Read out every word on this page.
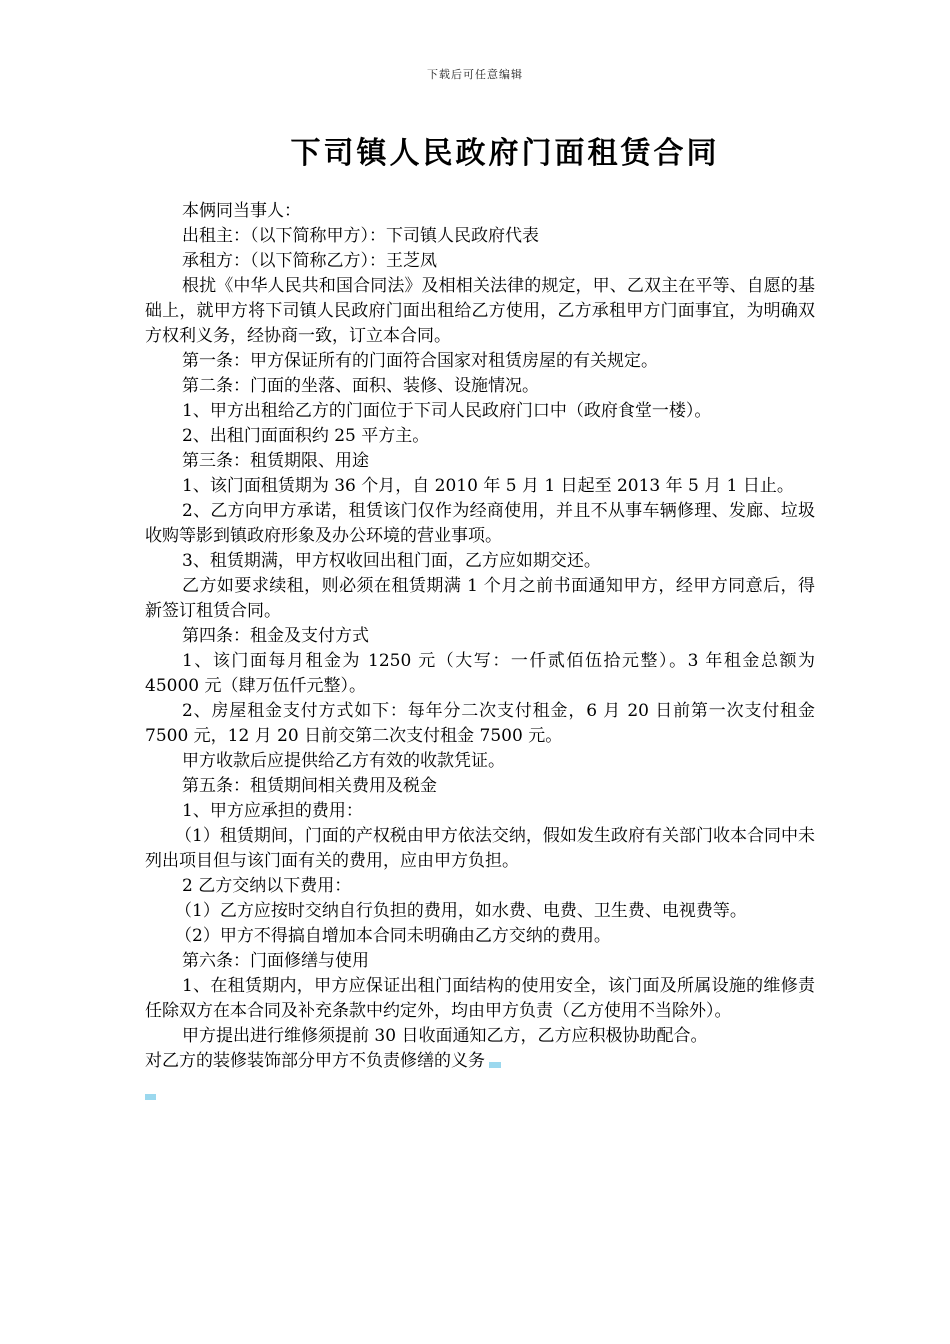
下载后可任意编辑
下司镇人民政府门面租赁合同

本俩同当事人：

出租主：（以下简称甲方）：下司镇人民政府代表

承租方：（以下简称乙方）：王芝凤

根扰《中华人民共和国合同法》及相相关法律的规定，甲、乙双主在平等、自愿的基础上，就甲方将下司镇人民政府门面出租给乙方使用，乙方承租甲方门面事宜，为明确双方权利义务，经协商一致，订立本合同。

第一条：甲方保证所有的门面符合国家对租赁房屋的有关规定。

第二条：门面的坐落、面积、装修、设施情况。

1、甲方出租给乙方的门面位于下司人民政府门口中（政府食堂一楼）。

2、出租门面面积约 25 平方主。

第三条：租赁期限、用途

1、该门面租赁期为 36 个月，自 2010 年 5 月 1 日起至 2013 年 5 月 1 日止。

2、乙方向甲方承诺，租赁该门仅作为经商使用，并且不从事车辆修理、发廊、垃圾收购等影到镇政府形象及办公环境的营业事项。

3、租赁期满，甲方权收回出租门面，乙方应如期交还。

乙方如要求续租，则必须在租赁期满 1 个月之前书面通知甲方，经甲方同意后，得新签订租赁合同。

第四条：租金及支付方式

1、该门面每月租金为 1250 元（大写：一仟贰佰伍拾元整）。3 年租金总额为 45000 元（肆万伍仟元整）。

2、房屋租金支付方式如下：每年分二次支付租金，6 月 20 日前第一次支付租金 7500 元，12 月 20 日前交第二次支付租金 7500 元。

甲方收款后应提供给乙方有效的收款凭证。

第五条：租赁期间相关费用及税金

1、甲方应承担的费用：

（1）租赁期间，门面的产权税由甲方依法交纳，假如发生政府有关部门收本合同中未列出项目但与该门面有关的费用，应由甲方负担。

2 乙方交纳以下费用：

（1）乙方应按时交纳自行负担的费用，如水费、电费、卫生费、电视费等。

（2）甲方不得搞自增加本合同未明确由乙方交纳的费用。

第六条：门面修缮与使用

1、在租赁期内，甲方应保证出租门面结构的使用安全，该门面及所属设施的维修责任除双方在本合同及补充条款中约定外，均由甲方负责（乙方使用不当除外）。

甲方提出进行维修须提前 30 日收面通知乙方，乙方应积极协助配合。

对乙方的装修装饰部分甲方不负责修缮的义务
